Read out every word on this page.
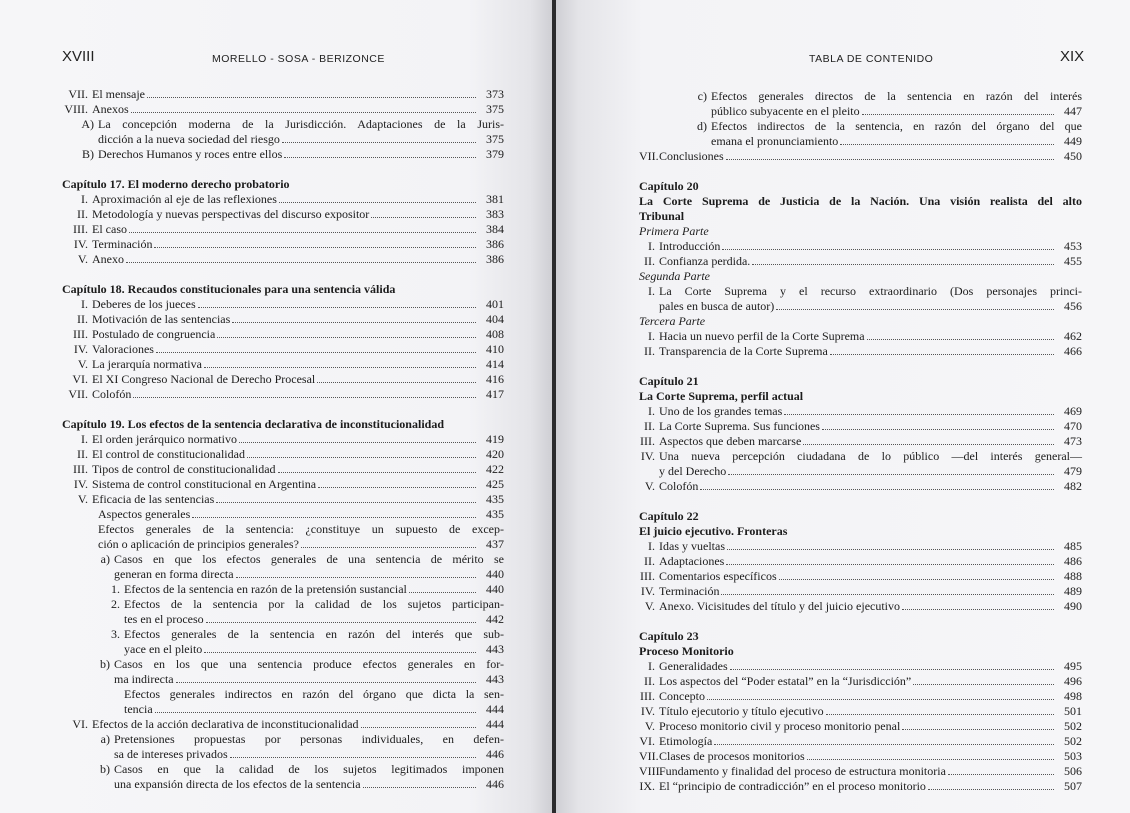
XVIII	MORELLO - SOSA - BERIZONCE
VII. El mensaje	373
VIII. Anexos	375
A) La concepción moderna de la Jurisdicción. Adaptaciones de la Juris-
dicción a la nueva sociedad del riesgo	375
B) Derechos Humanos y roces entre ellos	379
Capítulo 17. El moderno derecho probatorio
I. Aproximación al eje de las reflexiones	381
II. Metodología y nuevas perspectivas del discurso expositor	383
III. El caso	384
IV. Terminación	386
V. Anexo	386
Capítulo 18. Recaudos constitucionales para una sentencia válida
I. Deberes de los jueces	401
II. Motivación de las sentencias	404
III. Postulado de congruencia	408
IV. Valoraciones	410
V. La jerarquía normativa	414
VI. El XI Congreso Nacional de Derecho Procesal	416
VII. Colofón	417
Capítulo 19. Los efectos de la sentencia declarativa de inconstitucionalidad
I. El orden jerárquico normativo	419
II. El control de constitucionalidad	420
III. Tipos de control de constitucionalidad	422
IV. Sistema de control constitucional en Argentina	425
V. Eficacia de las sentencias	435
Aspectos generales	435
Efectos generales de la sentencia: ¿constituye un supuesto de excep-
ción o aplicación de principios generales?	437
a) Casos en que los efectos generales de una sentencia de mérito se
generan en forma directa	440
1. Efectos de la sentencia en razón de la pretensión sustancial	440
2. Efectos de la sentencia por la calidad de los sujetos participan-
tes en el proceso	442
3. Efectos generales de la sentencia en razón del interés que sub-
yace en el pleito	443
b) Casos en los que una sentencia produce efectos generales en for-
ma indirecta	443
Efectos generales indirectos en razón del órgano que dicta la sen-
tencia	444
VI. Efectos de la acción declarativa de inconstitucionalidad	444
a) Pretensiones propuestas por personas individuales, en defen-
sa de intereses privados	446
b) Casos en que la calidad de los sujetos legitimados imponen
una expansión directa de los efectos de la sentencia	446
TABLA DE CONTENIDO	XIX
c) Efectos generales directos de la sentencia en razón del interés
público subyacente en el pleito	447
d) Efectos indirectos de la sentencia, en razón del órgano del que
emana el pronunciamiento	449
VII. Conclusiones	450
Capítulo 20
La Corte Suprema de Justicia de la Nación. Una visión realista del alto
Tribunal
Primera Parte
I. Introducción	453
II. Confianza perdida.	455
Segunda Parte
I. La Corte Suprema y el recurso extraordinario (Dos personajes princi-
pales en busca de autor)	456
Tercera Parte
I. Hacia un nuevo perfil de la Corte Suprema	462
II. Transparencia de la Corte Suprema	466
Capítulo 21
La Corte Suprema, perfil actual
I. Uno de los grandes temas	469
II. La Corte Suprema. Sus funciones	470
III. Aspectos que deben marcarse	473
IV. Una nueva percepción ciudadana de lo público —del interés general—
y del Derecho	479
V. Colofón	482
Capítulo 22
El juicio ejecutivo. Fronteras
I. Idas y vueltas	485
II. Adaptaciones	486
III. Comentarios específicos	488
IV. Terminación	489
V. Anexo. Vicisitudes del título y del juicio ejecutivo	490
Capítulo 23
Proceso Monitorio
I. Generalidades	495
II. Los aspectos del “Poder estatal” en la “Jurisdicción”	496
III. Concepto	498
IV. Título ejecutorio y título ejecutivo	501
V. Proceso monitorio civil y proceso monitorio penal	502
VI. Etimología	502
VII. Clases de procesos monitorios	503
VIII.
Fundamento y finalidad del proceso de estructura monitoria	506
IX. El “principio de contradicción” en el proceso monitorio	507
